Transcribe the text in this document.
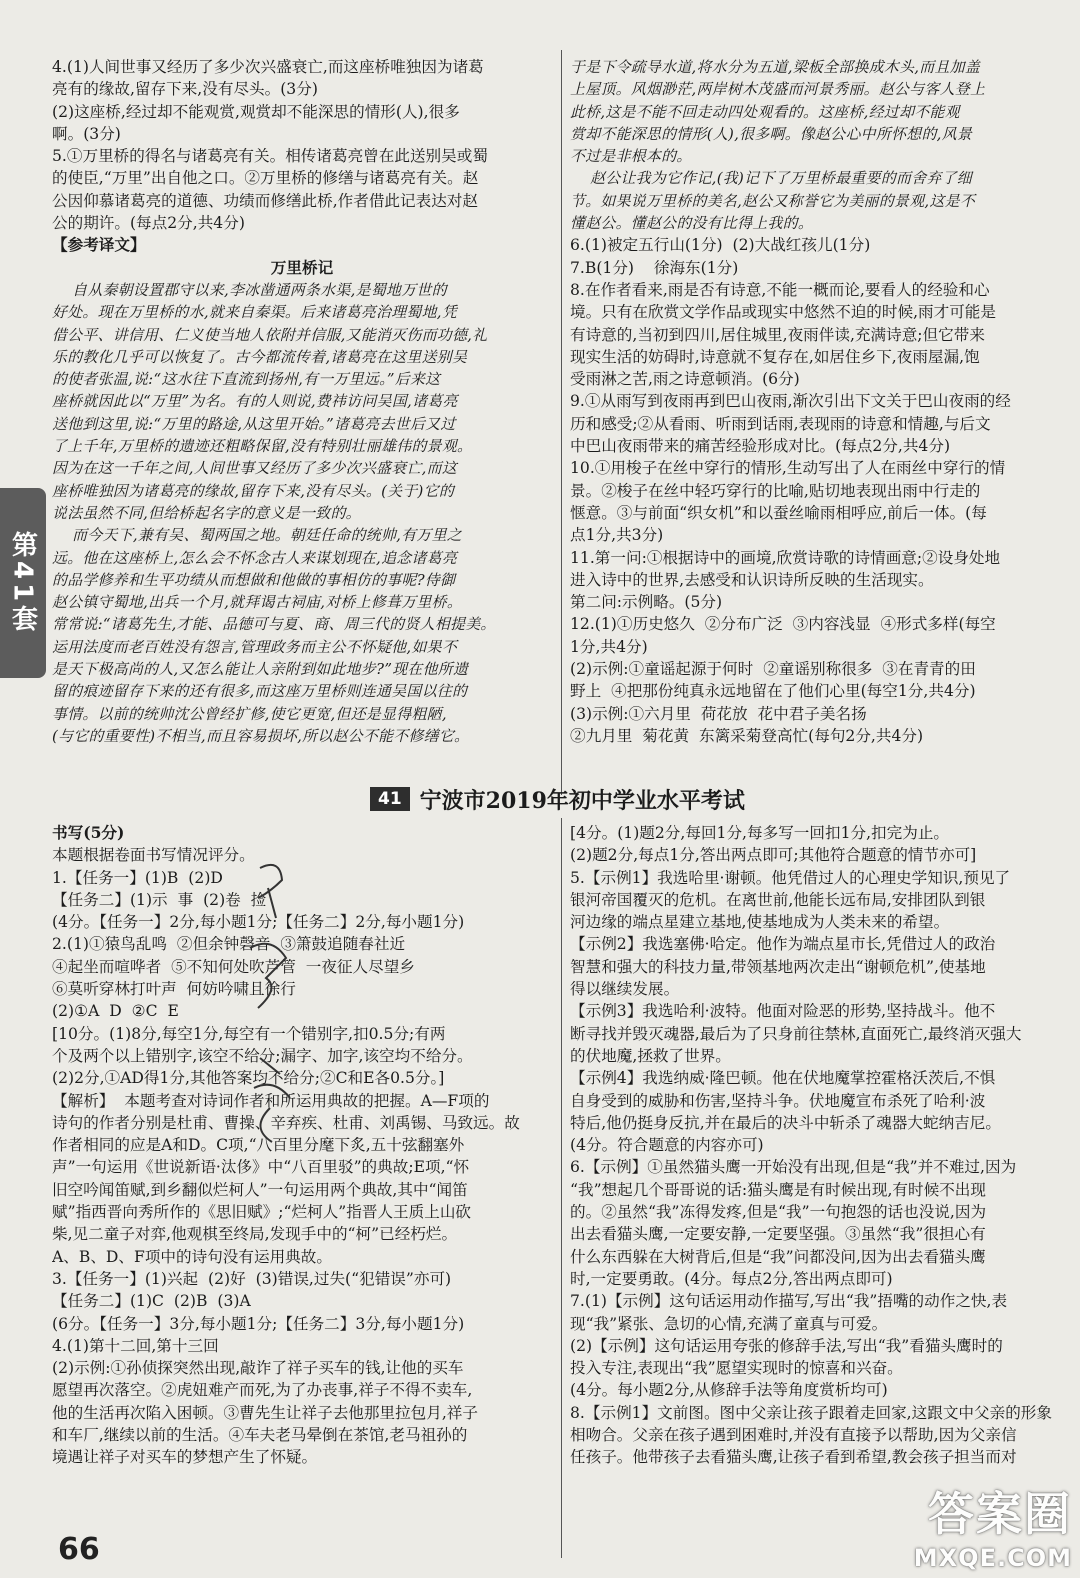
第41套
4.(1)人间世事又经历了多少次兴盛衰亡,而这座桥唯独因为诸葛
亮有的缘故,留存下来,没有尽头。(3分)
(2)这座桥,经过却不能观赏,观赏却不能深思的情形(人),很多
啊。(3分)
5.①万里桥的得名与诸葛亮有关。相传诸葛亮曾在此送别吴或蜀
的使臣,“万里”出自他之口。②万里桥的修缮与诸葛亮有关。赵
公因仰慕诸葛亮的道德、功绩而修缮此桥,作者借此记表达对赵
公的期许。(每点2分,共4分)
【参考译文】
万里桥记
自从秦朝设置郡守以来,李冰凿通两条水渠,是蜀地万世的
好处。现在万里桥的水,就来自秦渠。后来诸葛亮治理蜀地,凭
借公平、讲信用、仁义使当地人依附并信服,又能消灭伤而功德,礼
乐的教化几乎可以恢复了。古今都流传着,诸葛亮在这里送别吴
的使者张温,说:“这水往下直流到扬州,有一万里远。”后来这
座桥就因此以“万里”为名。有的人则说,费祎访问吴国,诸葛亮
送他到这里,说:“万里的路途,从这里开始。”诸葛亮去世后又过
了上千年,万里桥的遗迹还粗略保留,没有特别壮丽雄伟的景观。
因为在这一千年之间,人间世事又经历了多少次兴盛衰亡,而这
座桥唯独因为诸葛亮的缘故,留存下来,没有尽头。(关于)它的
说法虽然不同,但给桥起名字的意义是一致的。
而今天下,兼有吴、蜀两国之地。朝廷任命的统帅,有万里之
远。他在这座桥上,怎么会不怀念古人来谋划现在,追念诸葛亮
的品学修养和生平功绩从而想做和他做的事相仿的事呢?侍御
赵公镇守蜀地,出兵一个月,就拜谒古祠庙,对桥上修葺万里桥。
常常说:“诸葛先生,才能、品德可与夏、商、周三代的贤人相提美。
运用法度而老百姓没有怨言,管理政务而主公不怀疑他,如果不
是天下极高尚的人,又怎么能让人亲附到如此地步?”现在他所遗
留的痕迹留存下来的还有很多,而这座万里桥则连通吴国以往的
事情。以前的统帅沈公曾经扩修,使它更宽,但还是显得粗陋,
(与它的重要性)不相当,而且容易损坏,所以赵公不能不修缮它。
于是下令疏导水道,将水分为五道,梁板全部换成木头,而且加盖
上屋顶。风烟渺茫,两岸树木茂盛而河景秀丽。赵公与客人登上
此桥,这是不能不回走动四处观看的。这座桥,经过却不能观
赏却不能深思的情形(人),很多啊。像赵公心中所怀想的,风景
不过是非根本的。
赵公让我为它作记,(我)记下了万里桥最重要的而舍弃了细
节。如果说万里桥的美名,赵公又称誉它为美丽的景观,这是不
懂赵公。懂赵公的没有比得上我的。
6.(1)被定五行山(1分)  (2)大战红孩儿(1分)
7.B(1分)    徐海东(1分)
8.在作者看来,雨是否有诗意,不能一概而论,要看人的经验和心
境。只有在欣赏文学作品或现实中悠然不迫的时候,雨才可能是
有诗意的,当初到四川,居住城里,夜雨伴读,充满诗意;但它带来
现实生活的妨碍时,诗意就不复存在,如居住乡下,夜雨屋漏,饱
受雨淋之苦,雨之诗意顿消。(6分)
9.①从雨写到夜雨再到巴山夜雨,渐次引出下文关于巴山夜雨的经
历和感受;②从看雨、听雨到话雨,表现雨的诗意和情趣,与后文
中巴山夜雨带来的痛苦经验形成对比。(每点2分,共4分)
10.①用梭子在丝中穿行的情形,生动写出了人在雨丝中穿行的情
景。②梭子在丝中轻巧穿行的比喻,贴切地表现出雨中行走的
惬意。③与前面“织女机”和以蚕丝喻雨相呼应,前后一体。(每
点1分,共3分)
11.第一问:①根据诗中的画境,欣赏诗歌的诗情画意;②设身处地
进入诗中的世界,去感受和认识诗所反映的生活现实。
第二问:示例略。(5分)
12.(1)①历史悠久  ②分布广泛  ③内容浅显  ④形式多样(每空
1分,共4分)
(2)示例:①童谣起源于何时  ②童谣别称很多  ③在青青的田
野上  ④把那份纯真永远地留在了他们心里(每空1分,共4分)
(3)示例:①六月里  荷花放  花中君子美名扬
②九月里  菊花黄  东篱采菊登高忙(每句2分,共4分)
41 宁波市2019年初中学业水平考试
书写(5分)
本题根据卷面书写情况评分。
1.【任务一】(1)B  (2)D
【任务二】(1)示  事  (2)卷  捡
(4分。【任务一】2分,每小题1分;【任务二】2分,每小题1分)
2.(1)①猿鸟乱鸣  ②但余钟磬音  ③箫鼓追随春社近
④起坐而喧哗者  ⑤不知何处吹芦管  一夜征人尽望乡
⑥莫听穿林打叶声  何妨吟啸且徐行
(2)①A  D  ②C  E
[10分。(1)8分,每空1分,每空有一个错别字,扣0.5分;有两
个及两个以上错别字,该空不给分;漏字、加字,该空均不给分。
(2)2分,①AD得1分,其他答案均不给分;②C和E各0.5分。]
【解析】  本题考查对诗词作者和所运用典故的把握。A—F项的
诗句的作者分别是杜甫、曹操、辛弃疾、杜甫、刘禹锡、马致远。故
作者相同的应是A和D。C项,“八百里分麾下炙,五十弦翻塞外
声”一句运用《世说新语·汰侈》中“八百里驳”的典故;E项,“怀
旧空吟闻笛赋,到乡翻似烂柯人”一句运用两个典故,其中“闻笛
赋”指西晋向秀所作的《思旧赋》;“烂柯人”指晋人王质上山砍
柴,见二童子对弈,他观棋至终局,发现手中的“柯”已经朽烂。
A、B、D、F项中的诗句没有运用典故。
3.【任务一】(1)兴起  (2)好  (3)错误,过失(“犯错误”亦可)
【任务二】(1)C  (2)B  (3)A
(6分。【任务一】3分,每小题1分;【任务二】3分,每小题1分)
4.(1)第十二回,第十三回
(2)示例:①孙侦探突然出现,敲诈了祥子买车的钱,让他的买车
愿望再次落空。②虎妞难产而死,为了办丧事,祥子不得不卖车,
他的生活再次陷入困顿。③曹先生让祥子去他那里拉包月,祥子
和车厂,继续以前的生活。④车夫老马晕倒在茶馆,老马祖孙的
境遇让祥子对买车的梦想产生了怀疑。
[4分。(1)题2分,每回1分,每多写一回扣1分,扣完为止。
(2)题2分,每点1分,答出两点即可;其他符合题意的情节亦可]
5.【示例1】我选哈里·谢顿。他凭借过人的心理史学知识,预见了
银河帝国覆灭的危机。在离世前,他能长远布局,安排团队到银
河边缘的端点星建立基地,使基地成为人类未来的希望。
【示例2】我选塞佛·哈定。他作为端点星市长,凭借过人的政治
智慧和强大的科技力量,带领基地两次走出“谢顿危机”,使基地
得以继续发展。
【示例3】我选哈利·波特。他面对险恶的形势,坚持战斗。他不
断寻找并毁灭魂器,最后为了只身前往禁林,直面死亡,最终消灭强大
的伏地魔,拯救了世界。
【示例4】我选纳威·隆巴顿。他在伏地魔掌控霍格沃茨后,不惧
自身受到的威胁和伤害,坚持斗争。伏地魔宣布杀死了哈利·波
特后,他仍挺身反抗,并在最后的决斗中斩杀了魂器大蛇纳吉尼。
(4分。符合题意的内容亦可)
6.【示例】①虽然猫头鹰一开始没有出现,但是“我”并不难过,因为
“我”想起几个哥哥说的话:猫头鹰是有时候出现,有时候不出现
的。②虽然“我”冻得发疼,但是“我”一句抱怨的话也没说,因为
出去看猫头鹰,一定要安静,一定要坚强。③虽然“我”很担心有
什么东西躲在大树背后,但是“我”问都没问,因为出去看猫头鹰
时,一定要勇敢。(4分。每点2分,答出两点即可)
7.(1)【示例】这句话运用动作描写,写出“我”捂嘴的动作之快,表
现“我”紧张、急切的心情,充满了童真与可爱。
(2)【示例】这句话运用夸张的修辞手法,写出“我”看猫头鹰时的
投入专注,表现出“我”愿望实现时的惊喜和兴奋。
(4分。每小题2分,从修辞手法等角度赏析均可)
8.【示例1】文前图。图中父亲让孩子跟着走回家,这跟文中父亲的形象
相吻合。父亲在孩子遇到困难时,并没有直接予以帮助,因为父亲信
任孩子。他带孩子去看猫头鹰,让孩子看到希望,教会孩子担当而对
66
答案圈
MXQE.COM
